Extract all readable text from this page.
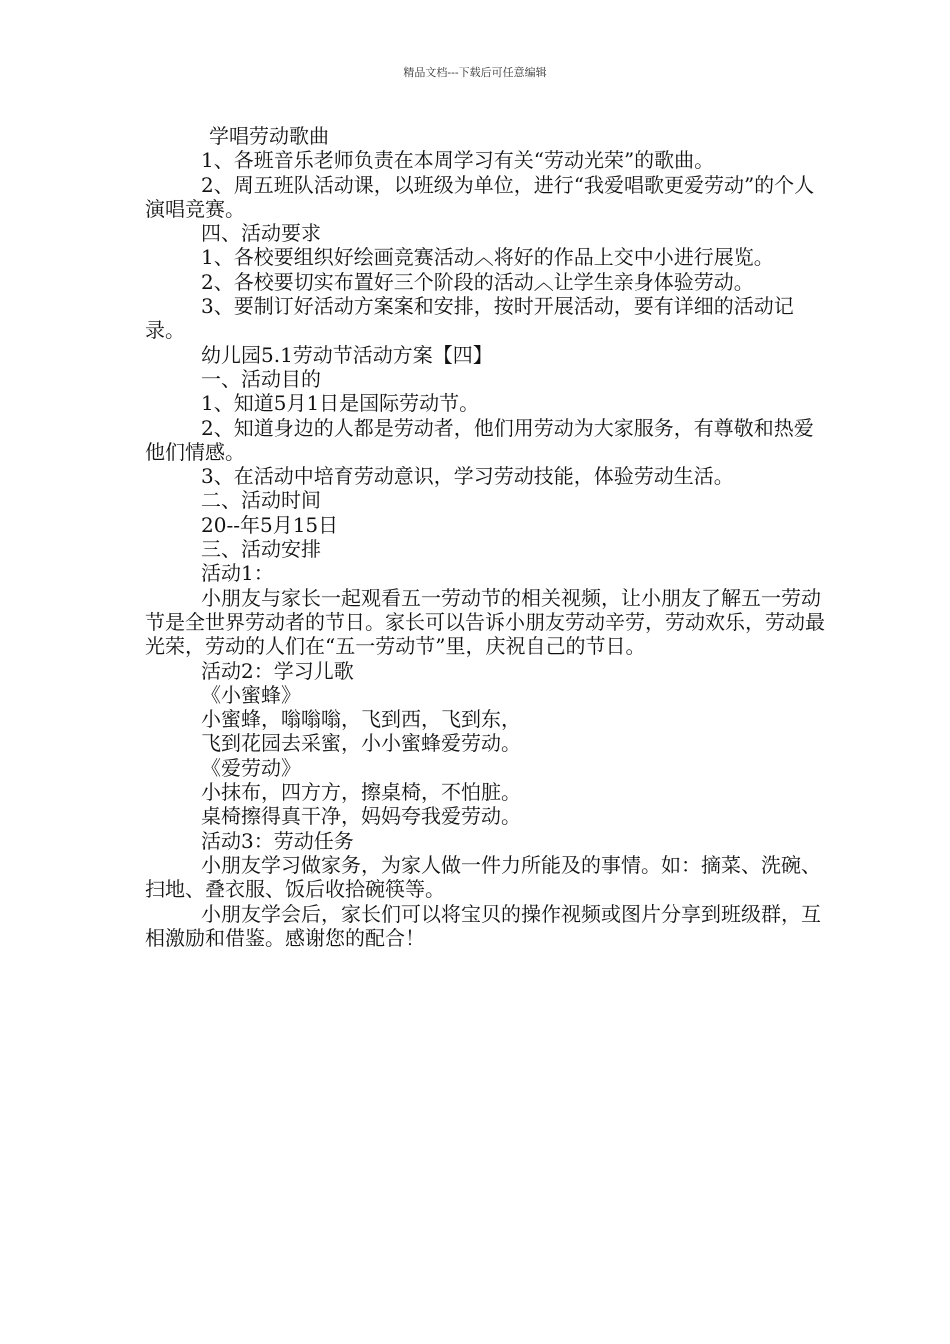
精品文档---下载后可任意编辑

学唱劳动歌曲

1、各班音乐老师负责在本周学习有关“劳动光荣”的歌曲。

2、周五班队活动课，以班级为单位，进行“我爱唱歌更爱劳动”的个人演唱竞赛。

四、活动要求

1、各校要组织好绘画竞赛活动︿将好的作品上交中小进行展览。

2、各校要切实布置好三个阶段的活动︿让学生亲身体验劳动。

3、要制订好活动方案案和安排，按时开展活动，要有详细的活动记录。

幼儿园5.1劳动节活动方案【四】

一、活动目的

1、知道5月1日是国际劳动节。

2、知道身边的人都是劳动者，他们用劳动为大家服务，有尊敬和热爱他们情感。

3、在活动中培育劳动意识，学习劳动技能，体验劳动生活。

二、活动时间

20--年5月15日

三、活动安排

活动1：

小朋友与家长一起观看五一劳动节的相关视频，让小朋友了解五一劳动节是全世界劳动者的节日。家长可以告诉小朋友劳动辛劳，劳动欢乐，劳动最光荣，劳动的人们在“五一劳动节”里，庆祝自己的节日。

活动2：学习儿歌

《小蜜蜂》

小蜜蜂，嗡嗡嗡，飞到西，飞到东，

飞到花园去采蜜，小小蜜蜂爱劳动。

《爱劳动》

小抹布，四方方，擦桌椅，不怕脏。

桌椅擦得真干净，妈妈夸我爱劳动。

活动3：劳动任务

小朋友学习做家务，为家人做一件力所能及的事情。如：摘菜、洗碗、扫地、叠衣服、饭后收拾碗筷等。

小朋友学会后，家长们可以将宝贝的操作视频或图片分享到班级群，互相激励和借鉴。感谢您的配合！
